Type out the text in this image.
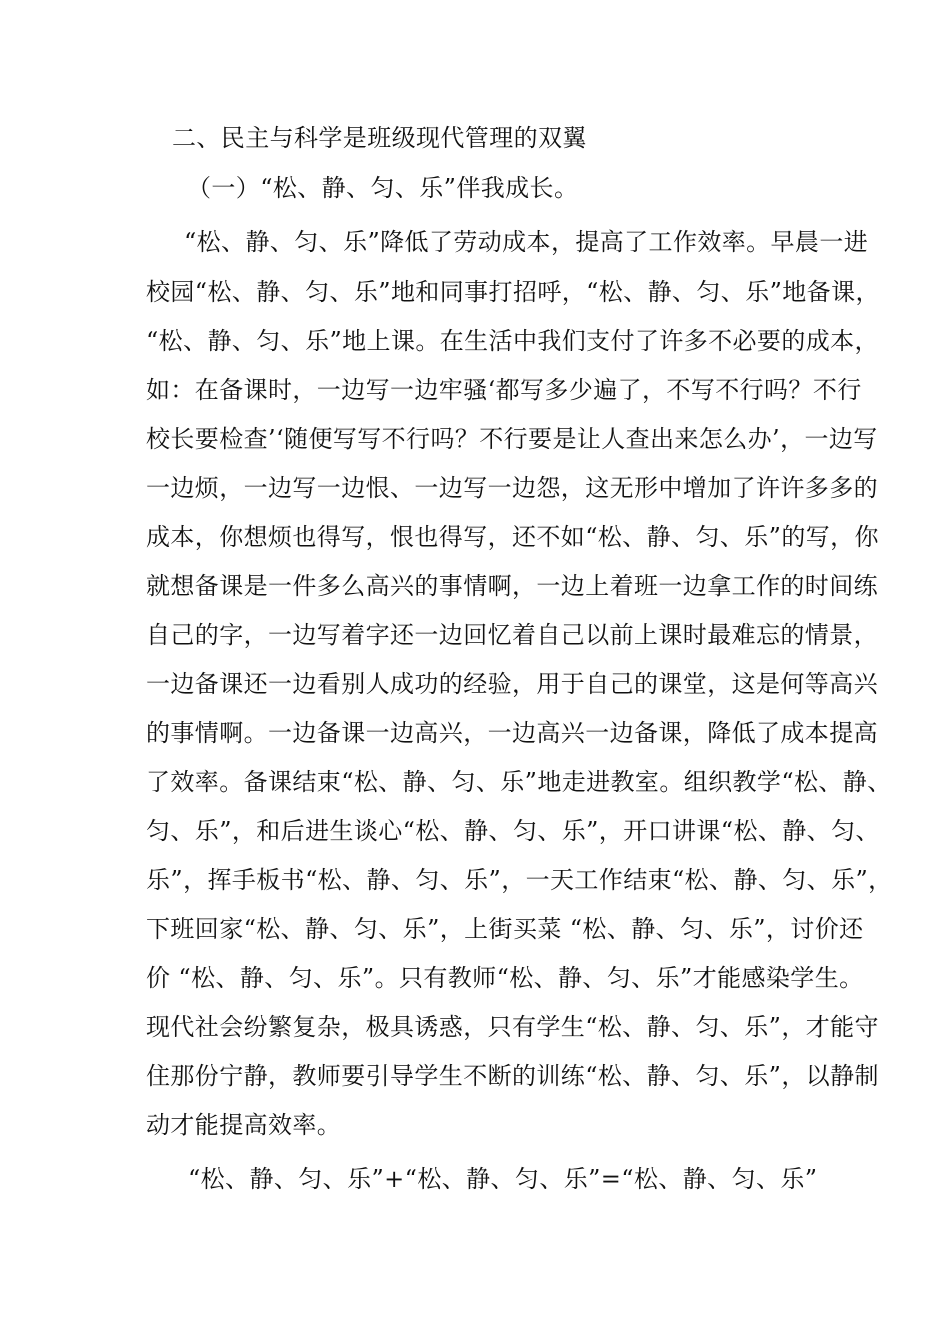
二、民主与科学是班级现代管理的双翼
（一）“松、静、匀、乐”伴我成长。
“松、静、匀、乐”降低了劳动成本，提高了工作效率。早晨一进
校园“松、静、匀、乐”地和同事打招呼，“松、静、匀、乐”地备课，
“松、静、匀、乐”地上课。在生活中我们支付了许多不必要的成本，
如：在备课时，一边写一边牢骚‘都写多少遍了，不写不行吗？不行
校长要检查’‘随便写写不行吗？不行要是让人查出来怎么办’，一边写
一边烦，一边写一边恨、一边写一边怨，这无形中增加了许许多多的
成本，你想烦也得写，恨也得写，还不如“松、静、匀、乐”的写，你
就想备课是一件多么高兴的事情啊，一边上着班一边拿工作的时间练
自己的字，一边写着字还一边回忆着自己以前上课时最难忘的情景，
一边备课还一边看别人成功的经验，用于自己的课堂，这是何等高兴
的事情啊。一边备课一边高兴，一边高兴一边备课，降低了成本提高
了效率。备课结束“松、静、匀、乐”地走进教室。组织教学“松、静、
匀、乐”，和后进生谈心“松、静、匀、乐”，开口讲课“松、静、匀、
乐”，挥手板书“松、静、匀、乐”，一天工作结束“松、静、匀、乐”，
下班回家“松、静、匀、乐”，上街买菜 “松、静、匀、乐”，讨价还
价 “松、静、匀、乐”。只有教师“松、静、匀、乐”才能感染学生。
现代社会纷繁复杂，极具诱惑，只有学生“松、静、匀、乐”，才能守
住那份宁静，教师要引导学生不断的训练“松、静、匀、乐”，以静制
动才能提高效率。
“松、静、匀、乐”+“松、静、匀、乐”=“松、静、匀、乐”
